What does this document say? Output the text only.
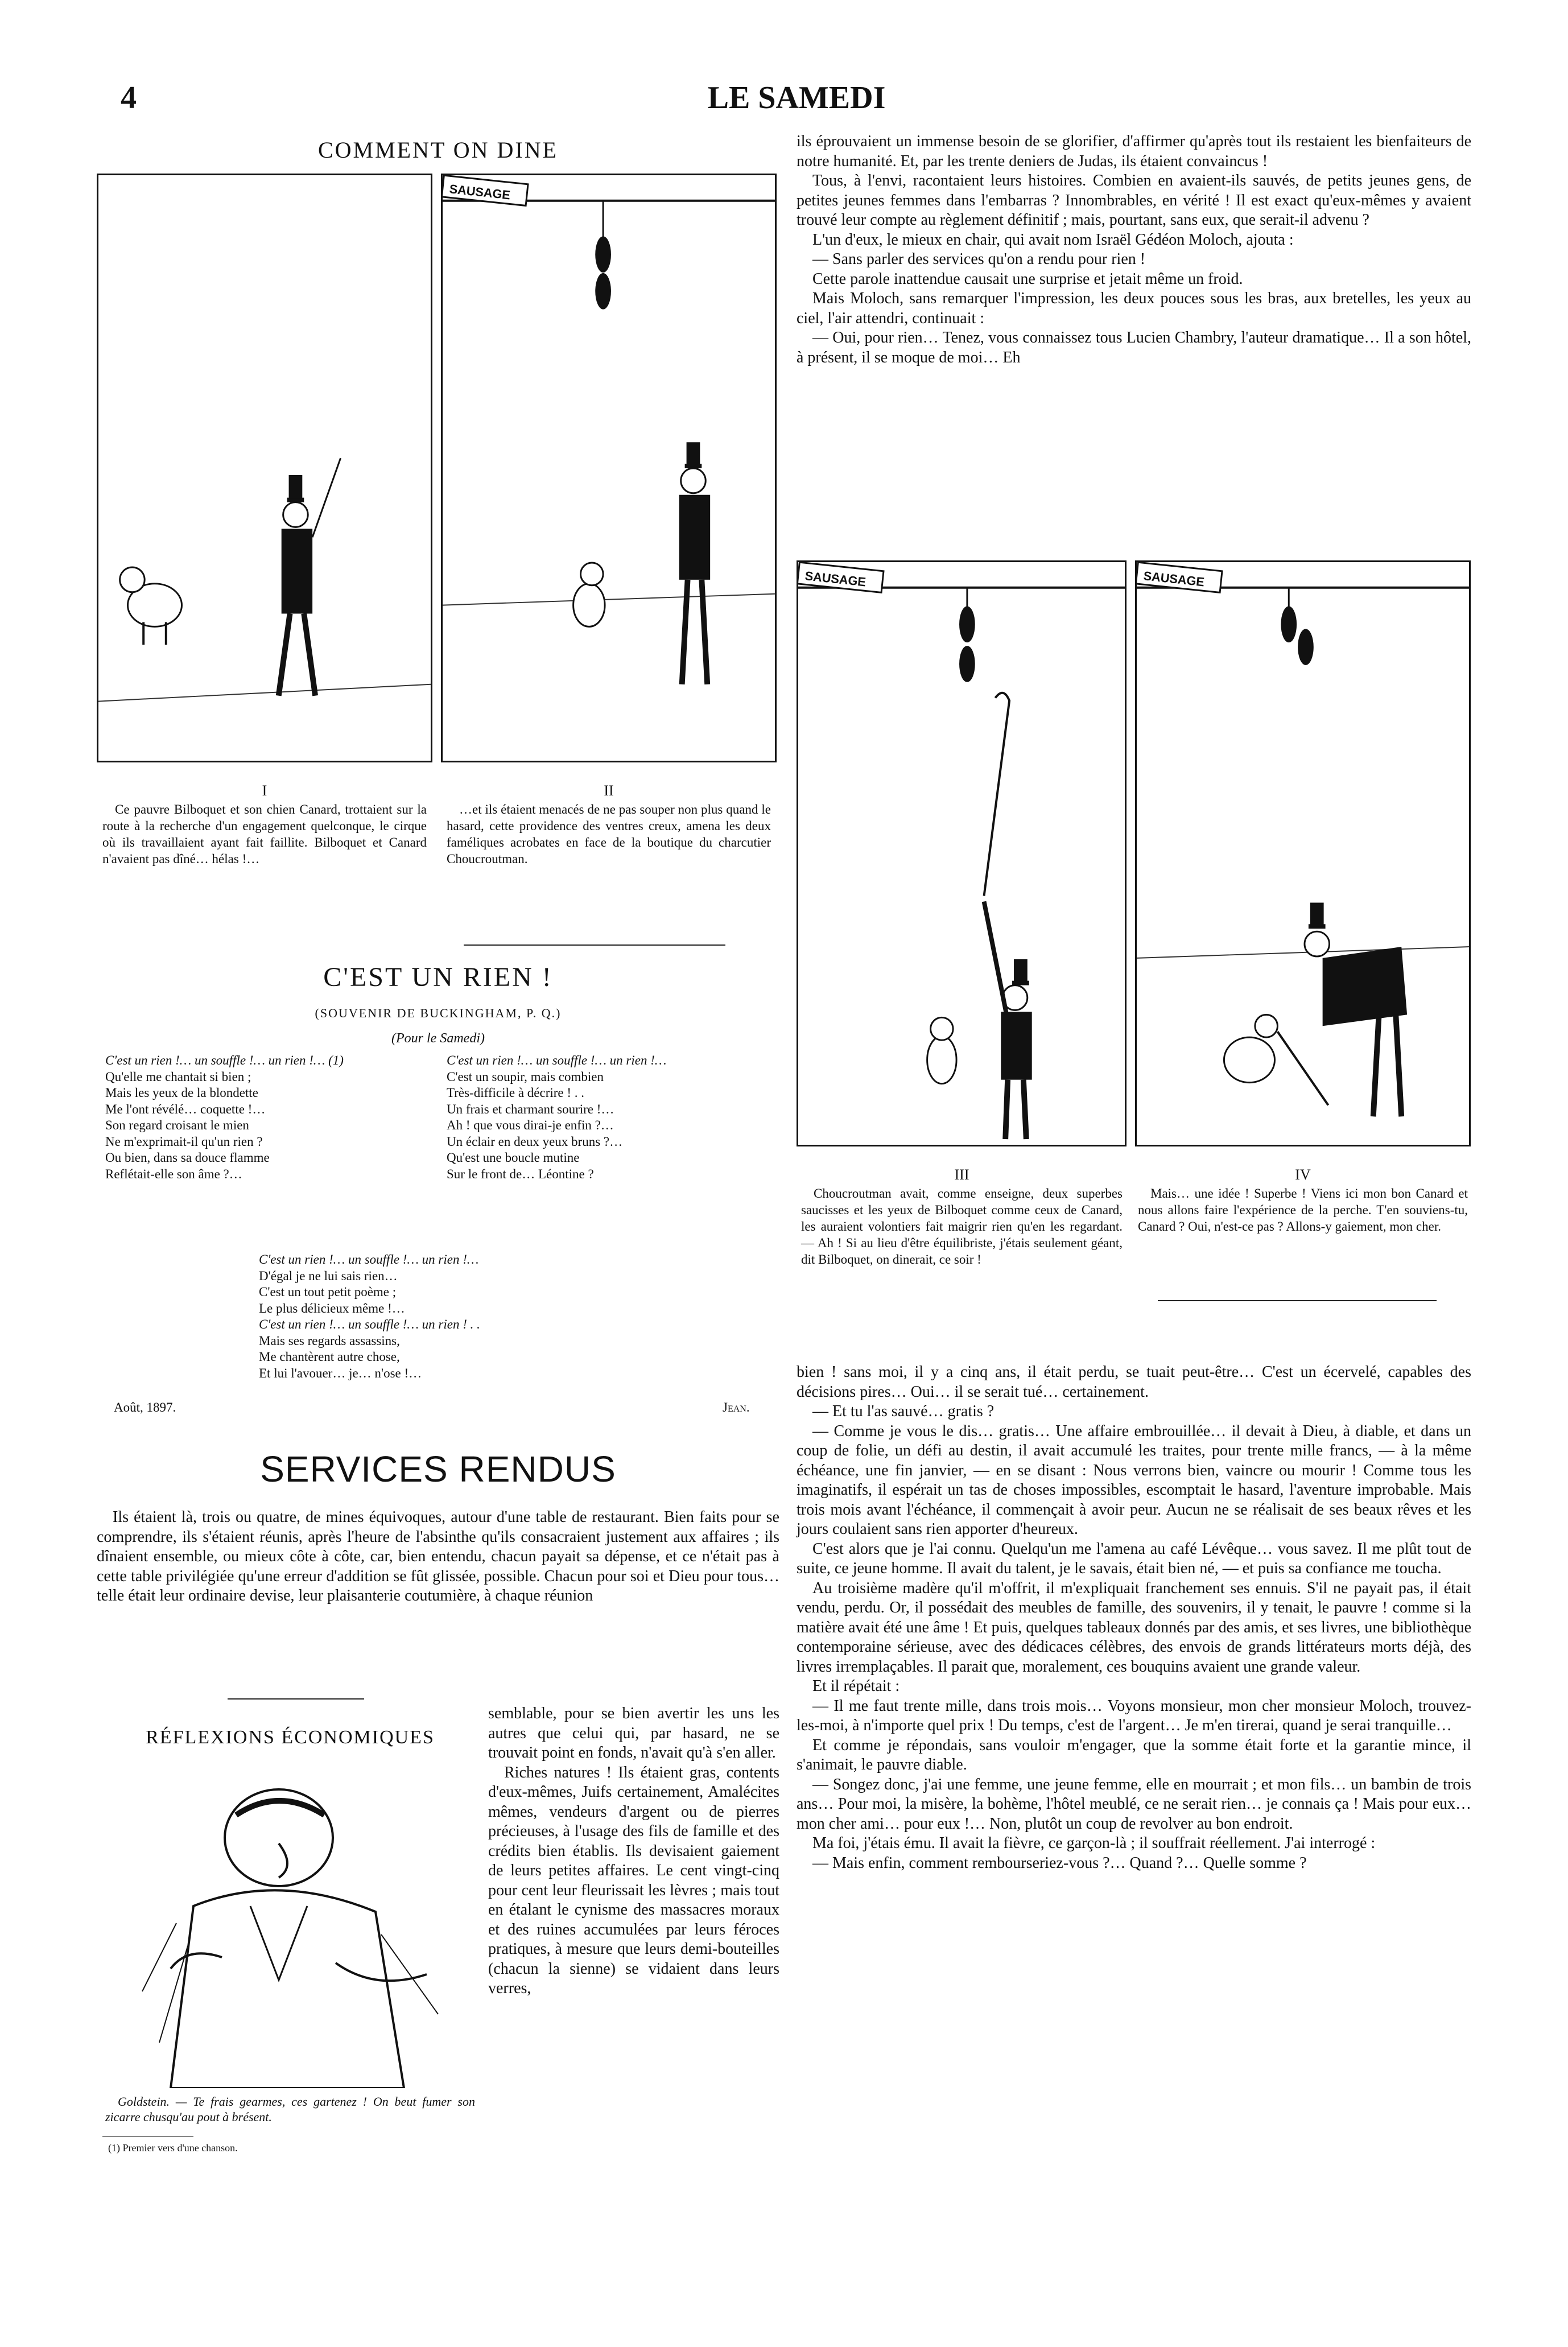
4	LE SAMEDI
COMMENT ON DINE
I

Ce pauvre Bilboquet et son chien Canard, trottaient sur la route à la recherche d'un engagement quelconque, le cirque où ils travaillaient ayant fait faillite. Bilboquet et Canard n'avaient pas dîné… hélas !…

SAUSAGE
II

…et ils étaient menacés de ne pas souper non plus quand le hasard, cette providence des ventres creux, amena les deux faméliques acrobates en face de la boutique du charcutier Choucroutman.

C'EST UN RIEN !
(SOUVENIR DE BUCKINGHAM, P. Q.)
(Pour le Samedi)
C'est un rien !… un souffle !… un rien !… (1)
Qu'elle me chantait si bien ;
Mais les yeux de la blondette
Me l'ont révélé… coquette !…
Son regard croisant le mien
Ne m'exprimait-il qu'un rien ?
Ou bien, dans sa douce flamme
Reflétait-elle son âme ?…
C'est un rien !… un souffle !… un rien !…
C'est un soupir, mais combien
Très-difficile à décrire ! . .
Un frais et charmant sourire !…
Ah ! que vous dirai-je enfin ?…
Un éclair en deux yeux bruns ?…
Qu'est une boucle mutine
Sur le front de… Léontine ?
C'est un rien !… un souffle !… un rien !…
D'égal je ne lui sais rien…
C'est un tout petit poème ;
Le plus délicieux même !…
C'est un rien !… un souffle !… un rien ! . .
Mais ses regards assassins,
Me chantèrent autre chose,
Et lui l'avouer… je… n'ose !…
Août, 1897.	Jean.
SERVICES RENDUS

Ils étaient là, trois ou quatre, de mines équivoques, autour d'une table de restaurant. Bien faits pour se comprendre, ils s'étaient réunis, après l'heure de l'absinthe qu'ils consacraient justement aux affaires ; ils dînaient ensemble, ou mieux côte à côte, car, bien entendu, chacun payait sa dépense, et ce n'était pas à cette table privilégiée qu'une erreur d'addition se fût glissée, possible. Chacun pour soi et Dieu pour tous… telle était leur ordinaire devise, leur plaisanterie coutumière, à chaque réunion

RÉFLEXIONS ÉCONOMIQUES

Goldstein. — Te frais gearmes, ces gartenez ! On beut fumer son zicarre chusqu'au pout à brésent.

(1) Premier vers d'une chanson.

semblable, pour se bien avertir les uns les autres que celui qui, par hasard, ne se trouvait point en fonds, n'avait qu'à s'en aller.

Riches natures ! Ils étaient gras, contents d'eux-mêmes, Juifs certainement, Amalécites mêmes, vendeurs d'argent ou de pierres précieuses, à l'usage des fils de famille et des crédits bien établis. Ils devisaient gaiement de leurs petites affaires. Le cent vingt-cinq pour cent leur fleurissait les lèvres ; mais tout en étalant le cynisme des massacres moraux et des ruines accumulées par leurs féroces pratiques, à mesure que leurs demi-bouteilles (chacun la sienne) se vidaient dans leurs verres,

ils éprouvaient un immense besoin de se glorifier, d'affirmer qu'après tout ils restaient les bienfaiteurs de notre humanité. Et, par les trente deniers de Judas, ils étaient convaincus !

Tous, à l'envi, racontaient leurs histoires. Combien en avaient-ils sauvés, de petits jeunes gens, de petites jeunes femmes dans l'embarras ? Innombrables, en vérité ! Il est exact qu'eux-mêmes y avaient trouvé leur compte au règlement définitif ; mais, pourtant, sans eux, que serait-il advenu ?

L'un d'eux, le mieux en chair, qui avait nom Israël Gédéon Moloch, ajouta :

— Sans parler des services qu'on a rendu pour rien !

Cette parole inattendue causait une surprise et jetait même un froid.

Mais Moloch, sans remarquer l'impression, les deux pouces sous les bras, aux bretelles, les yeux au ciel, l'air attendri, continuait :

— Oui, pour rien… Tenez, vous connaissez tous Lucien Chambry, l'auteur dramatique… Il a son hôtel, à présent, il se moque de moi… Eh

SAUSAGE
III

Choucroutman avait, comme enseigne, deux superbes saucisses et les yeux de Bilboquet comme ceux de Canard, les auraient volontiers fait maigrir rien qu'en les regardant. — Ah ! Si au lieu d'être équilibriste, j'étais seulement géant, dit Bilboquet, on dinerait, ce soir !

SAUSAGE
IV

Mais… une idée ! Superbe ! Viens ici mon bon Canard et nous allons faire l'expérience de la perche. T'en souviens-tu, Canard ? Oui, n'est-ce pas ? Allons-y gaiement, mon cher.

bien ! sans moi, il y a cinq ans, il était perdu, se tuait peut-être… C'est un écervelé, capables des décisions pires… Oui… il se serait tué… certainement.

— Et tu l'as sauvé… gratis ?

— Comme je vous le dis… gratis… Une affaire embrouillée… il devait à Dieu, à diable, et dans un coup de folie, un défi au destin, il avait accumulé les traites, pour trente mille francs, — à la même échéance, une fin janvier, — en se disant : Nous verrons bien, vaincre ou mourir ! Comme tous les imaginatifs, il espérait un tas de choses impossibles, escomptait le hasard, l'aventure improbable. Mais trois mois avant l'échéance, il commençait à avoir peur. Aucun ne se réalisait de ses beaux rêves et les jours coulaient sans rien apporter d'heureux.

C'est alors que je l'ai connu. Quelqu'un me l'amena au café Lévêque… vous savez. Il me plût tout de suite, ce jeune homme. Il avait du talent, je le savais, était bien né, — et puis sa confiance me toucha.

Au troisième madère qu'il m'offrit, il m'expliquait franchement ses ennuis. S'il ne payait pas, il était vendu, perdu. Or, il possédait des meubles de famille, des souvenirs, il y tenait, le pauvre ! comme si la matière avait été une âme ! Et puis, quelques tableaux donnés par des amis, et ses livres, une bibliothèque contemporaine sérieuse, avec des dédicaces célèbres, des envois de grands littérateurs morts déjà, des livres irremplaçables. Il parait que, moralement, ces bouquins avaient une grande valeur.

Et il répétait :

— Il me faut trente mille, dans trois mois… Voyons monsieur, mon cher monsieur Moloch, trouvez-les-moi, à n'importe quel prix ! Du temps, c'est de l'argent… Je m'en tirerai, quand je serai tranquille…

Et comme je répondais, sans vouloir m'engager, que la somme était forte et la garantie mince, il s'animait, le pauvre diable.

— Songez donc, j'ai une femme, une jeune femme, elle en mourrait ; et mon fils… un bambin de trois ans… Pour moi, la misère, la bohème, l'hôtel meublé, ce ne serait rien… je connais ça ! Mais pour eux… mon cher ami… pour eux !… Non, plutôt un coup de revolver au bon endroit.

Ma foi, j'étais ému. Il avait la fièvre, ce garçon-là ; il souffrait réellement. J'ai interrogé :

— Mais enfin, comment rembourseriez-vous ?… Quand ?… Quelle somme ?
